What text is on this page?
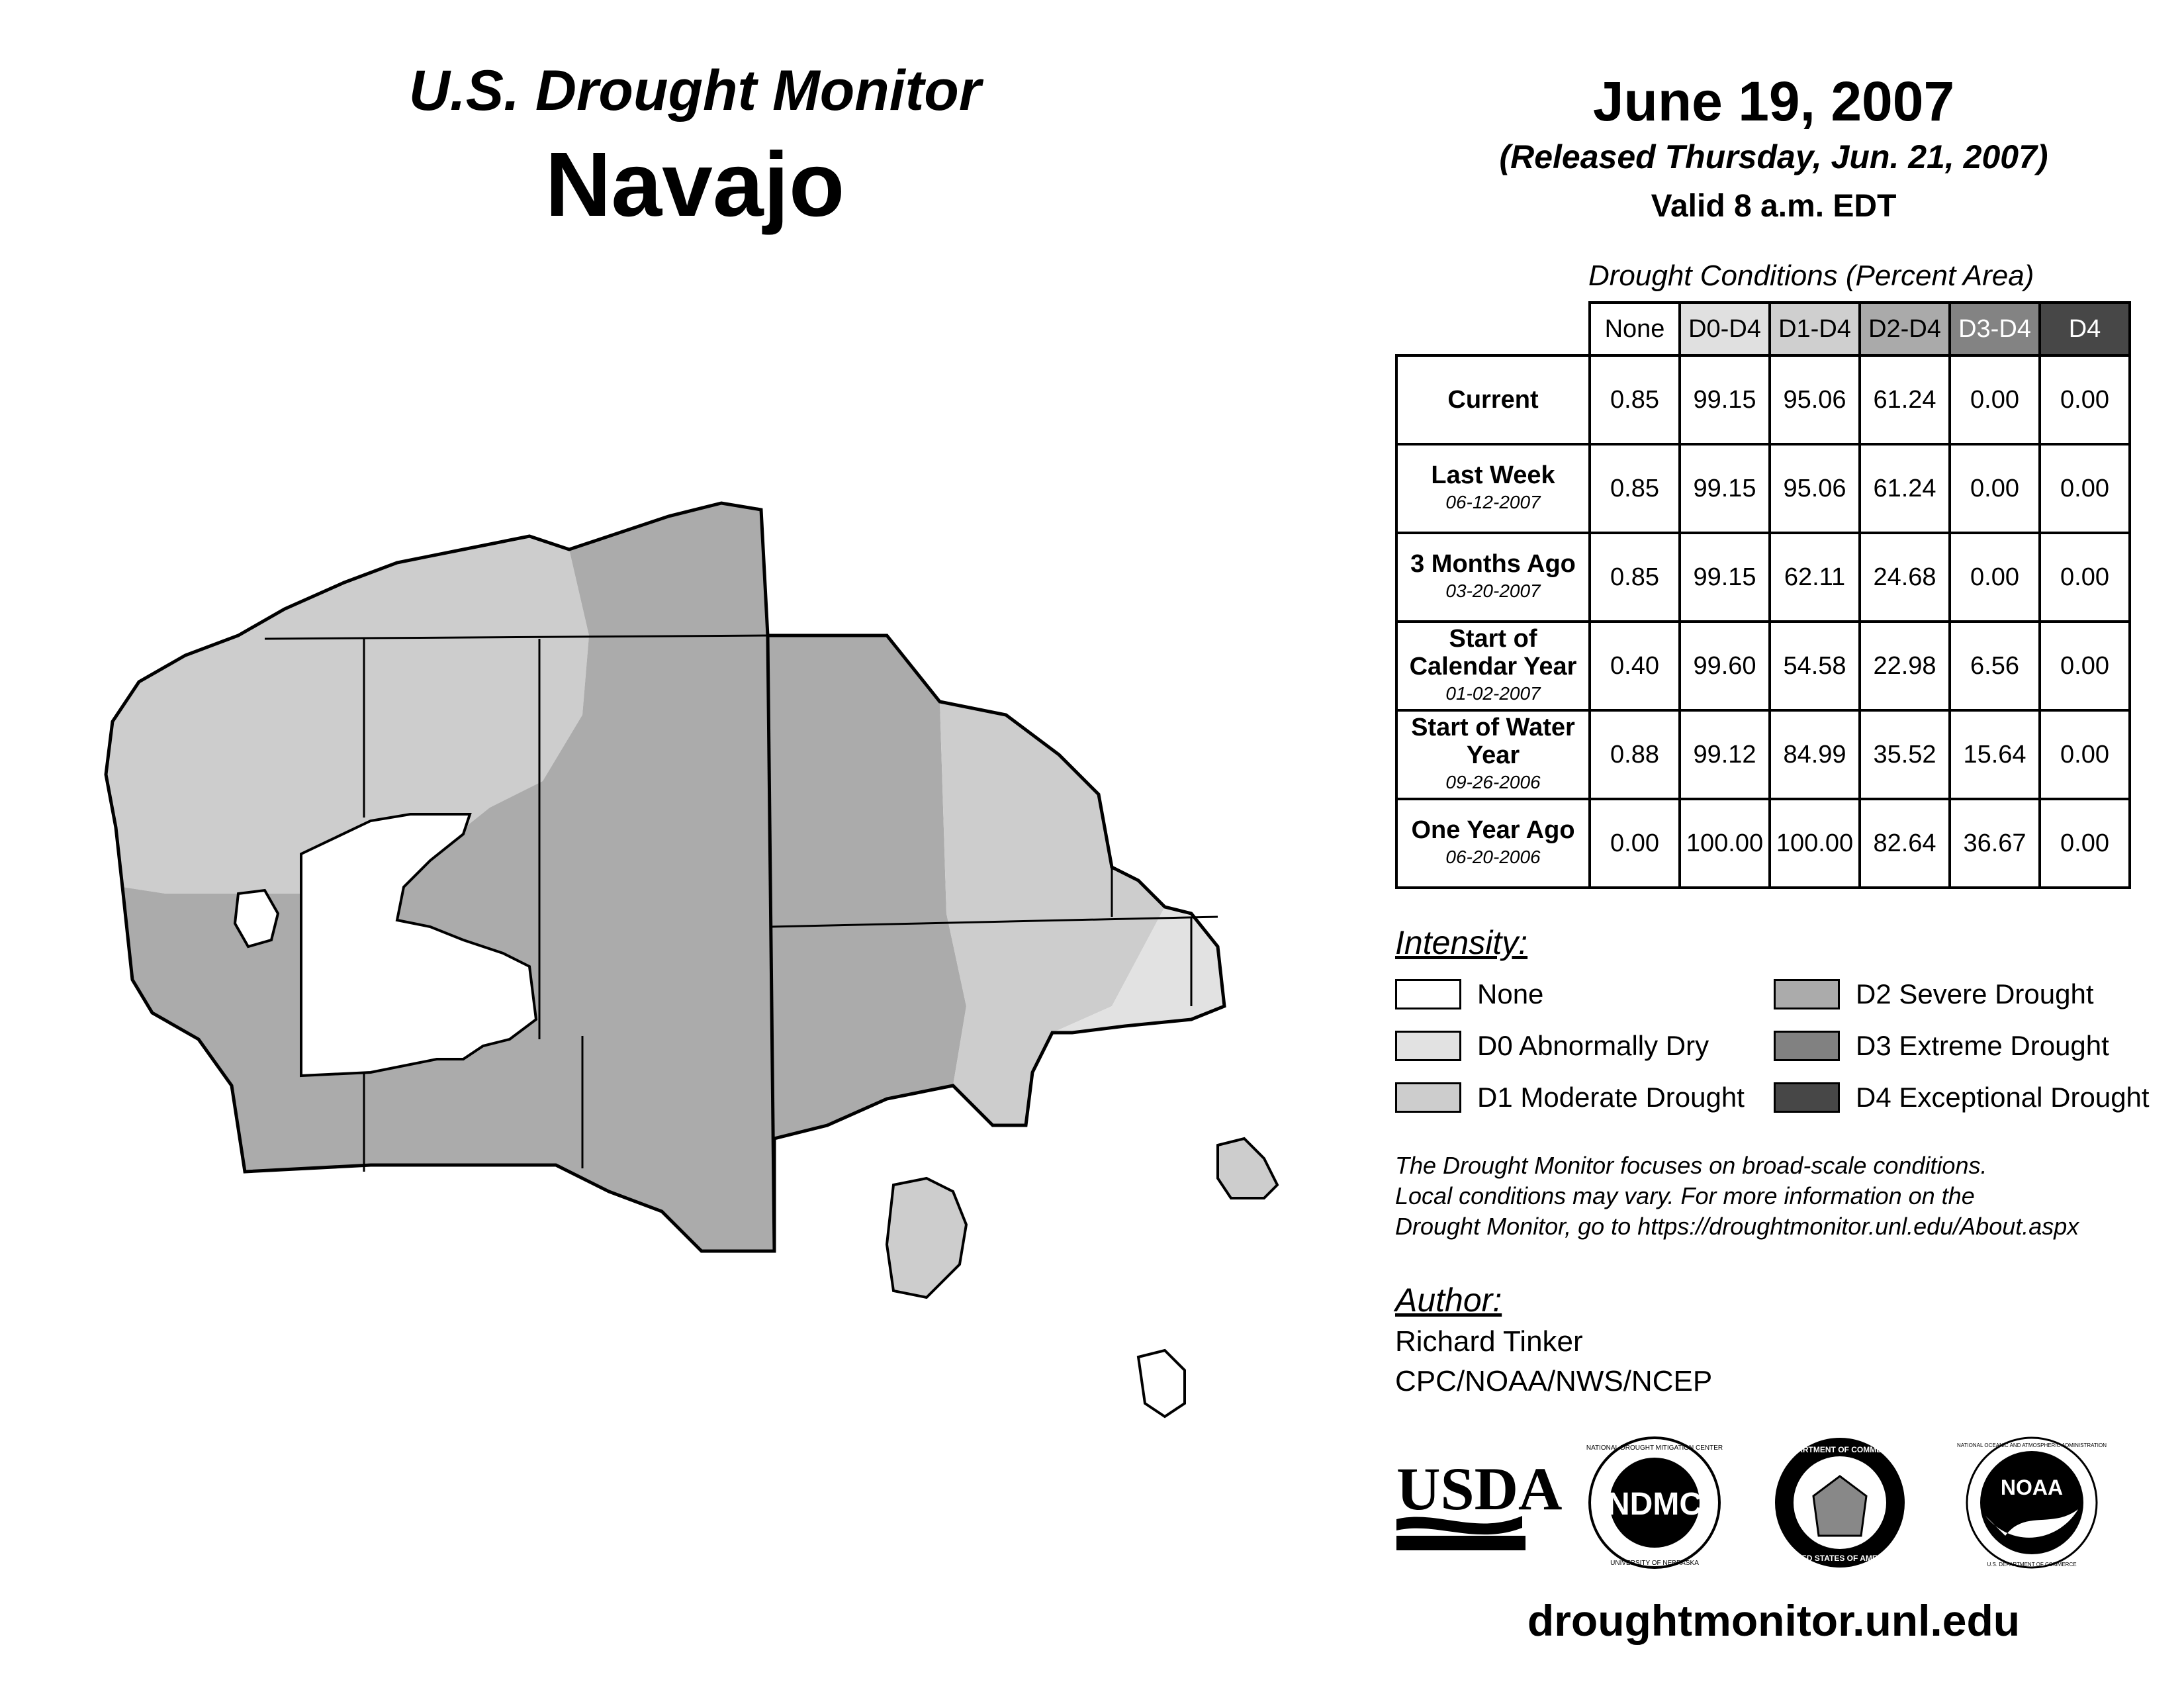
U.S. Drought Monitor
Navajo
June 19, 2007
(Released Thursday, Jun. 21, 2007)
Valid 8 a.m. EDT
Drought Conditions (Percent Area)
	None	D0-D4	D1-D4	D2-D4	D3-D4	D4
Current	0.85	99.15	95.06	61.24	0.00	0.00
Last Week
06-12-2007	0.85	99.15	95.06	61.24	0.00	0.00
3 Months Ago
03-20-2007	0.85	99.15	62.11	24.68	0.00	0.00
Start of Calendar Year
01-02-2007	0.40	99.60	54.58	22.98	6.56	0.00
Start of Water Year
09-26-2006	0.88	99.12	84.99	35.52	15.64	0.00
One Year Ago
06-20-2006	0.00	100.00	100.00	82.64	36.67	0.00
Intensity:
None
D0 Abnormally Dry
D1 Moderate Drought
D2 Severe Drought
D3 Extreme Drought
D4 Exceptional Drought
The Drought Monitor focuses on broad-scale conditions.
Local conditions may vary. For more information on the
Drought Monitor, go to https://droughtmonitor.unl.edu/About.aspx
Author:
Richard Tinker
CPC/NOAA/NWS/NCEP
USDA NDMC
NATIONAL DROUGHT MITIGATION CENTER
UNIVERSITY OF NEBRASKA
DEPARTMENT OF COMMERCE
UNITED STATES OF AMERICA
NOAA
NATIONAL OCEANIC AND ATMOSPHERIC ADMINISTRATION
U.S. DEPARTMENT OF COMMERCE
droughtmonitor.unl.edu
